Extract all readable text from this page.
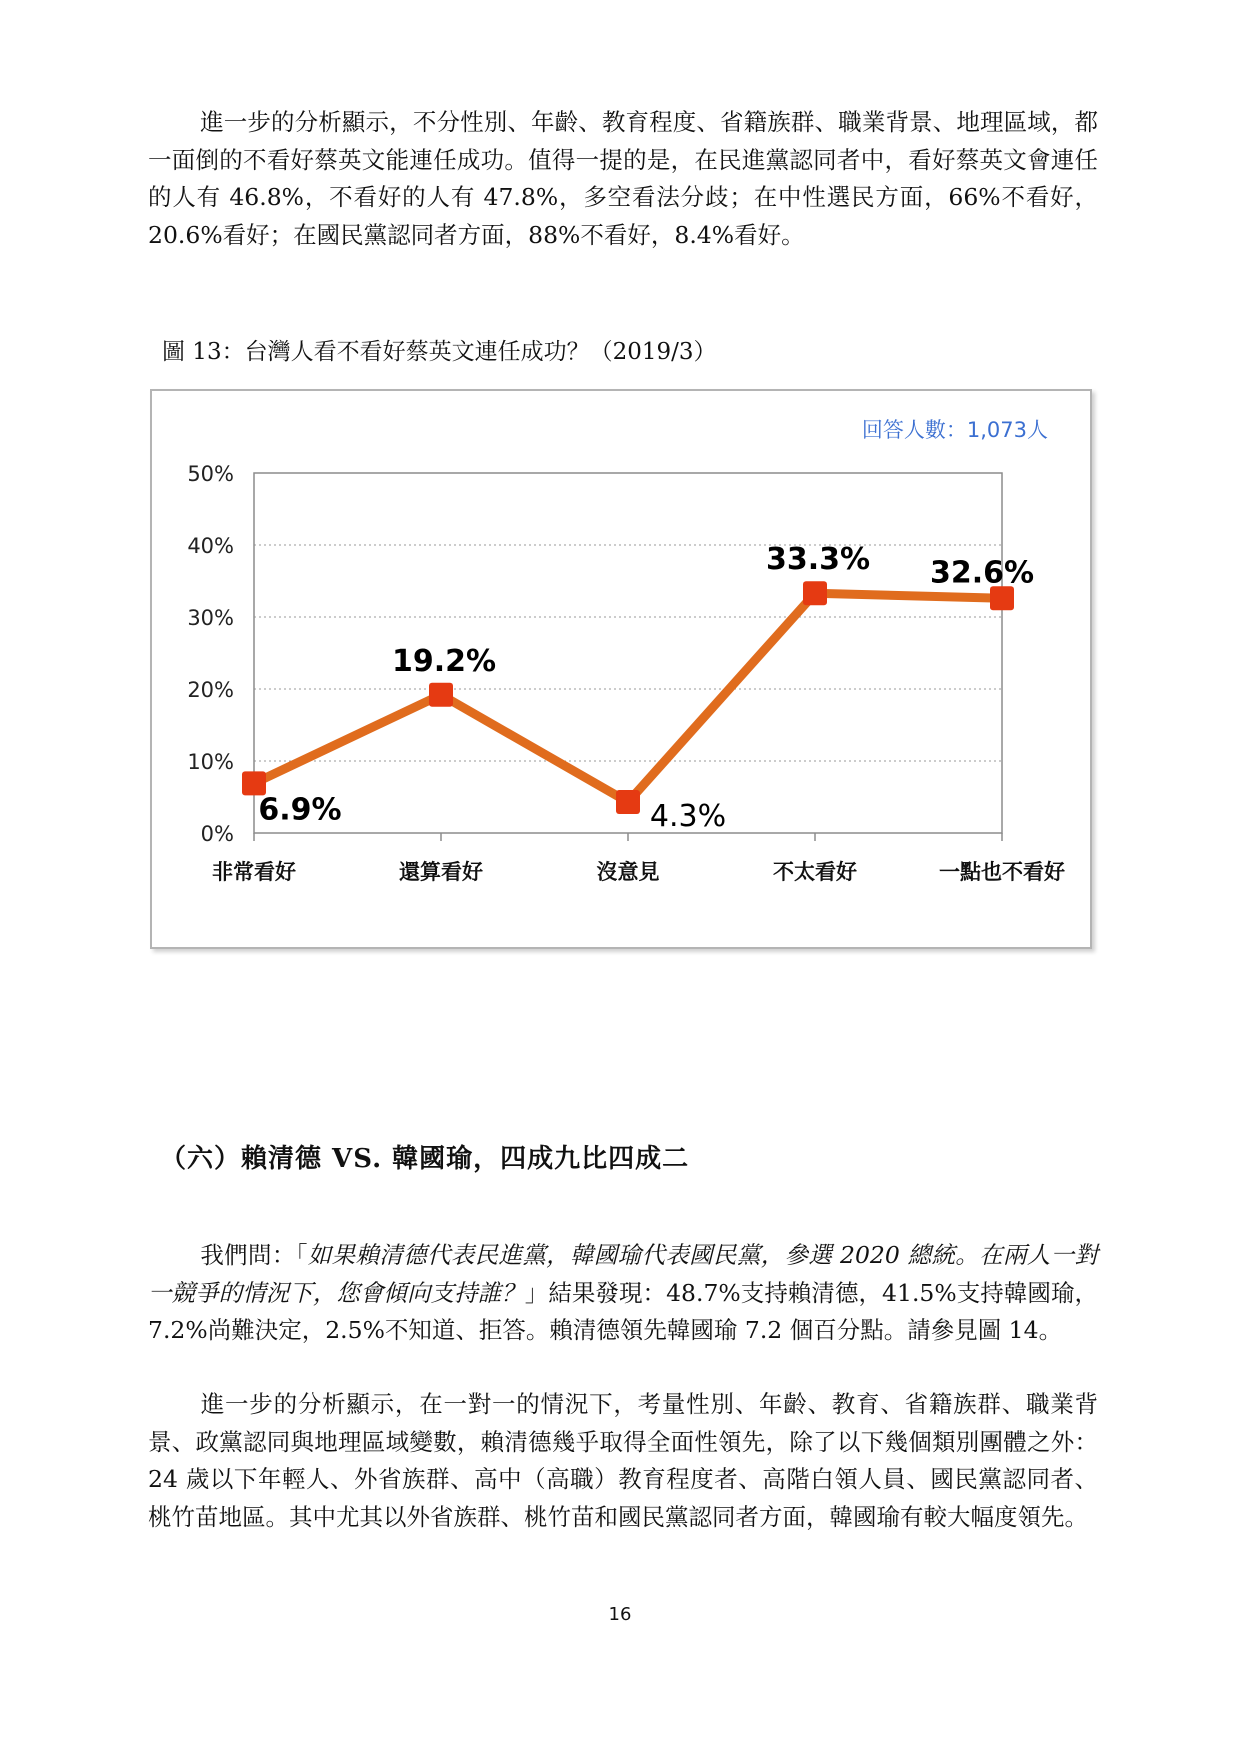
進一步的分析顯示，不分性別、年齡、教育程度、省籍族群、職業背景、地理區域，都一面倒的不看好蔡英文能連任成功。值得一提的是，在民進黨認同者中，看好蔡英文會連任的人有 46.8%，不看好的人有 47.8%，多空看法分歧；在中性選民方面，66%不看好，20.6%看好；在國民黨認同者方面，88%不看好，8.4%看好。

圖 13：台灣人看不看好蔡英文連任成功？（2019/3）
回答人數：1,073人
0%
10%
20%
30%
40%
50%
非常看好	還算看好	沒意見	不太看好	一點也不看好
6.9%
19.2%
4.3%
33.3% 32.6%
（六）賴清德 VS. 韓國瑜，四成九比四成二

我們問：「如果賴清德代表民進黨，韓國瑜代表國民黨，參選 2020 總統。在兩人一對一競爭的情況下，您會傾向支持誰？」結果發現：48.7%支持賴清德，41.5%支持韓國瑜，7.2%尚難決定，2.5%不知道、拒答。賴清德領先韓國瑜 7.2 個百分點。請參見圖 14。

進一步的分析顯示，在一對一的情況下，考量性別、年齡、教育、省籍族群、職業背景、政黨認同與地理區域變數，賴清德幾乎取得全面性領先，除了以下幾個類別團體之外：24 歲以下年輕人、外省族群、高中（高職）教育程度者、高階白領人員、國民黨認同者、桃竹苗地區。其中尤其以外省族群、桃竹苗和國民黨認同者方面，韓國瑜有較大幅度領先。

16
